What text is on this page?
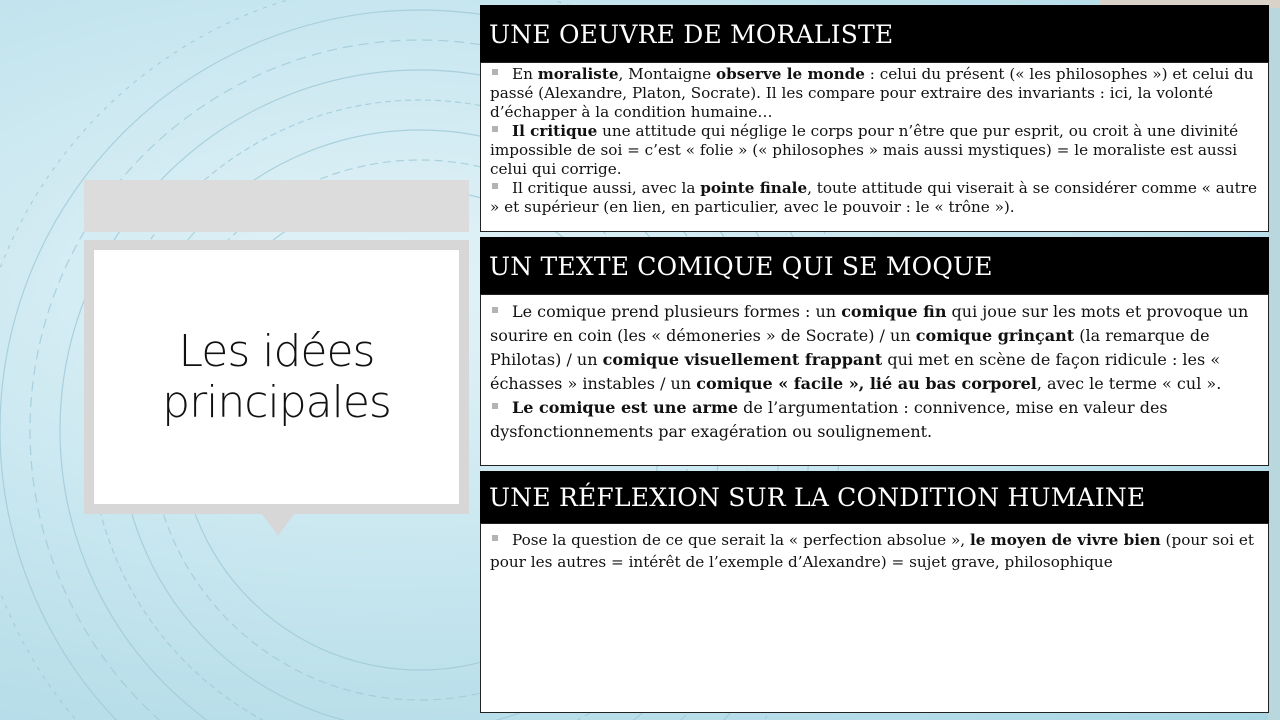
Les idées
principales
UNE OEUVRE DE MORALISTE
En moraliste, Montaigne observe le monde : celui du présent (« les philosophes ») et celui du passé (Alexandre, Platon, Socrate). Il les compare pour extraire des invariants : ici, la volonté d’échapper à la condition humaine…
Il critique une attitude qui néglige le corps pour n’être que pur esprit, ou croit à une divinité impossible de soi = c’est « folie » (« philosophes » mais aussi mystiques) = le moraliste est aussi celui qui corrige.
Il critique aussi, avec la pointe finale, toute attitude qui viserait à se considérer comme « autre » et supérieur (en lien, en particulier, avec le pouvoir : le « trône »).
UN TEXTE COMIQUE QUI SE MOQUE
Le comique prend plusieurs formes : un comique fin qui joue sur les mots et provoque un sourire en coin (les « démoneries » de Socrate) / un comique grinçant (la remarque de Philotas) / un comique visuellement frappant qui met en scène de façon ridicule : les « échasses » instables / un comique « facile », lié au bas corporel, avec le terme « cul ».
Le comique est une arme de l’argumentation : connivence, mise en valeur des dysfonctionnements par exagération ou soulignement.
UNE RÉFLEXION SUR LA CONDITION HUMAINE
Pose la question de ce que serait la « perfection absolue », le moyen de vivre bien (pour soi et pour les autres = intérêt de l’exemple d’Alexandre) = sujet grave, philosophique
